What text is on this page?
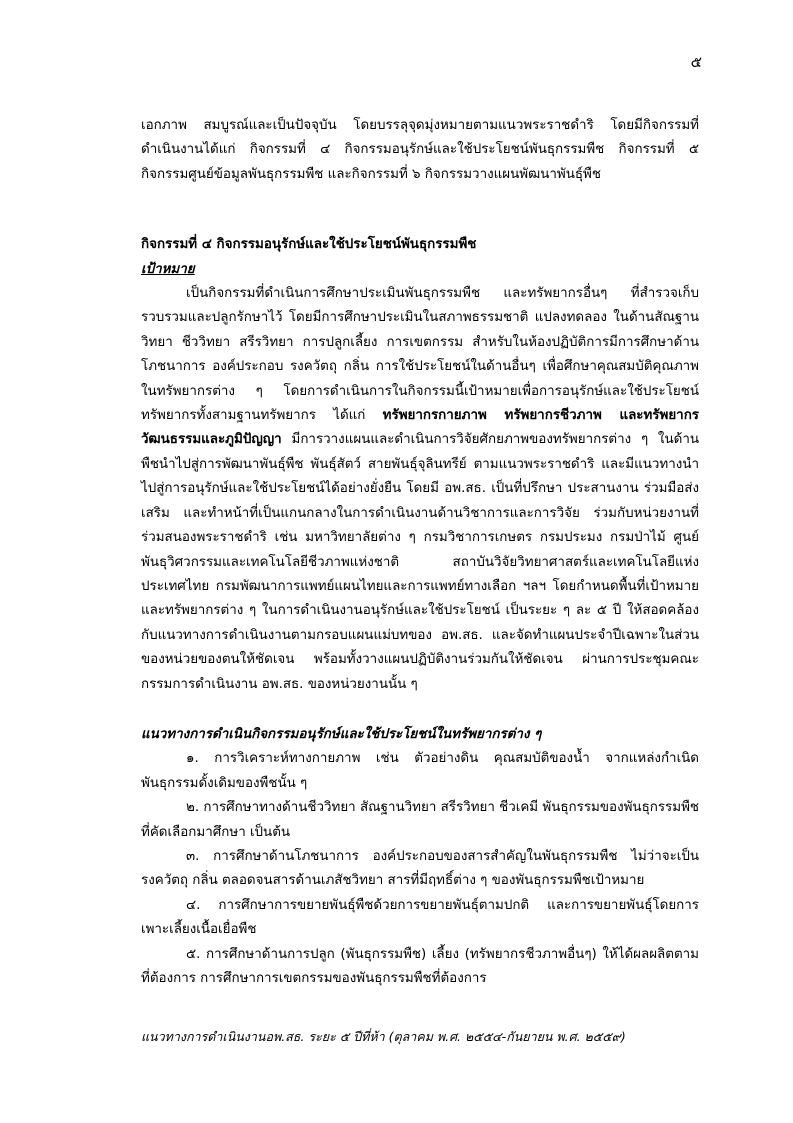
๕

เอกภาพ สมบูรณ์และเป็นปัจจุบัน โดยบรรลุจุดมุ่งหมายตามแนวพระราชดำริ โดยมีกิจกรรมที่ดำเนินงานได้แก่ กิจกรรมที่ ๔ กิจกรรมอนุรักษ์และใช้ประโยชน์พันธุกรรมพืช กิจกรรมที่ ๕ กิจกรรมศูนย์ข้อมูลพันธุกรรมพืช และกิจกรรมที่ ๖ กิจกรรมวางแผนพัฒนาพันธุ์พืช

กิจกรรมที่ ๔ กิจกรรมอนุรักษ์และใช้ประโยชน์พันธุกรรมพืช

เป้าหมาย

เป็นกิจกรรมที่ดำเนินการศึกษาประเมินพันธุกรรมพืช และทรัพยากรอื่นๆ ที่สำรวจเก็บรวบรวมและปลูกรักษาไว้ โดยมีการศึกษาประเมินในสภาพธรรมชาติ แปลงทดลอง ในด้านสัณฐานวิทยา ชีววิทยา สรีรวิทยา การปลูกเลี้ยง การเขตกรรม สำหรับในห้องปฏิบัติการมีการศึกษาด้านโภชนาการ องค์ประกอบ รงควัตถุ กลิ่น การใช้ประโยชน์ในด้านอื่นๆ เพื่อศึกษาคุณสมบัติคุณภาพ ในทรัพยากรต่าง ๆ โดยการดำเนินการในกิจกรรมนี้เป้าหมายเพื่อการอนุรักษ์และใช้ประโยชน์ทรัพยากรทั้งสามฐานทรัพยากร ได้แก่ ทรัพยากรกายภาพ ทรัพยากรชีวภาพ และทรัพยากรวัฒนธรรมและภูมิปัญญา มีการวางแผนและดำเนินการวิจัยศักยภาพของทรัพยากรต่าง ๆ ในด้านพืชนำไปสู่การพัฒนาพันธุ์พืช พันธุ์สัตว์ สายพันธุ์จุลินทรีย์ ตามแนวพระราชดำริ และมีแนวทางนำไปสู่การอนุรักษ์และใช้ประโยชน์ได้อย่างยั่งยืน โดยมี อพ.สธ. เป็นที่ปรึกษา ประสานงาน ร่วมมือส่งเสริม และทำหน้าที่เป็นแกนกลางในการดำเนินงานด้านวิชาการและการวิจัย ร่วมกับหน่วยงานที่ร่วมสนองพระราชดำริ เช่น มหาวิทยาลัยต่าง ๆ กรมวิชาการเกษตร กรมประมง กรมป่าไม้ ศูนย์พันธุวิศวกรรมและเทคโนโลยีชีวภาพแห่งชาติ สถาบันวิจัยวิทยาศาสตร์และเทคโนโลยีแห่งประเทศไทย กรมพัฒนาการแพทย์แผนไทยและการแพทย์ทางเลือก ฯลฯ โดยกำหนดพื้นที่เป้าหมายและทรัพยากรต่าง ๆ ในการดำเนินงานอนุรักษ์และใช้ประโยชน์ เป็นระยะ ๆ ละ ๕ ปี ให้สอดคล้องกับแนวทางการดำเนินงานตามกรอบแผนแม่บทของ อพ.สธ. และจัดทำแผนประจำปีเฉพาะในส่วนของหน่วยของตนให้ชัดเจน พร้อมทั้งวางแผนปฏิบัติงานร่วมกันให้ชัดเจน ผ่านการประชุมคณะกรรมการดำเนินงาน อพ.สธ. ของหน่วยงานนั้น ๆ

แนวทางการดำเนินกิจกรรมอนุรักษ์และใช้ประโยชน์ในทรัพยากรต่าง ๆ

๑. การวิเคราะห์ทางกายภาพ เช่น ตัวอย่างดิน คุณสมบัติของน้ำ จากแหล่งกำเนิดพันธุกรรมดั้งเดิมของพืชนั้น ๆ

๒. การศึกษาทางด้านชีววิทยา สัณฐานวิทยา สรีรวิทยา ชีวเคมี พันธุกรรมของพันธุกรรมพืชที่คัดเลือกมาศึกษา เป็นต้น

๓. การศึกษาด้านโภชนาการ องค์ประกอบของสารสำคัญในพันธุกรรมพืช ไม่ว่าจะเป็นรงควัตถุ กลิ่น ตลอดจนสารด้านเภสัชวิทยา สารที่มีฤทธิ์ต่าง ๆ ของพันธุกรรมพืชเป้าหมาย

๔. การศึกษาการขยายพันธุ์พืชด้วยการขยายพันธุ์ตามปกติ และการขยายพันธุ์โดยการเพาะเลี้ยงเนื้อเยื่อพืช

๕. การศึกษาด้านการปลูก (พันธุกรรมพืช) เลี้ยง (ทรัพยากรชีวภาพอื่นๆ) ให้ได้ผลผลิตตามที่ต้องการ การศึกษาการเขตกรรมของพันธุกรรมพืชที่ต้องการ

แนวทางการดำเนินงานอพ.สธ. ระยะ ๕ ปีที่ห้า (ตุลาคม พ.ศ. ๒๕๕๔-กันยายน พ.ศ. ๒๕๕๙)
